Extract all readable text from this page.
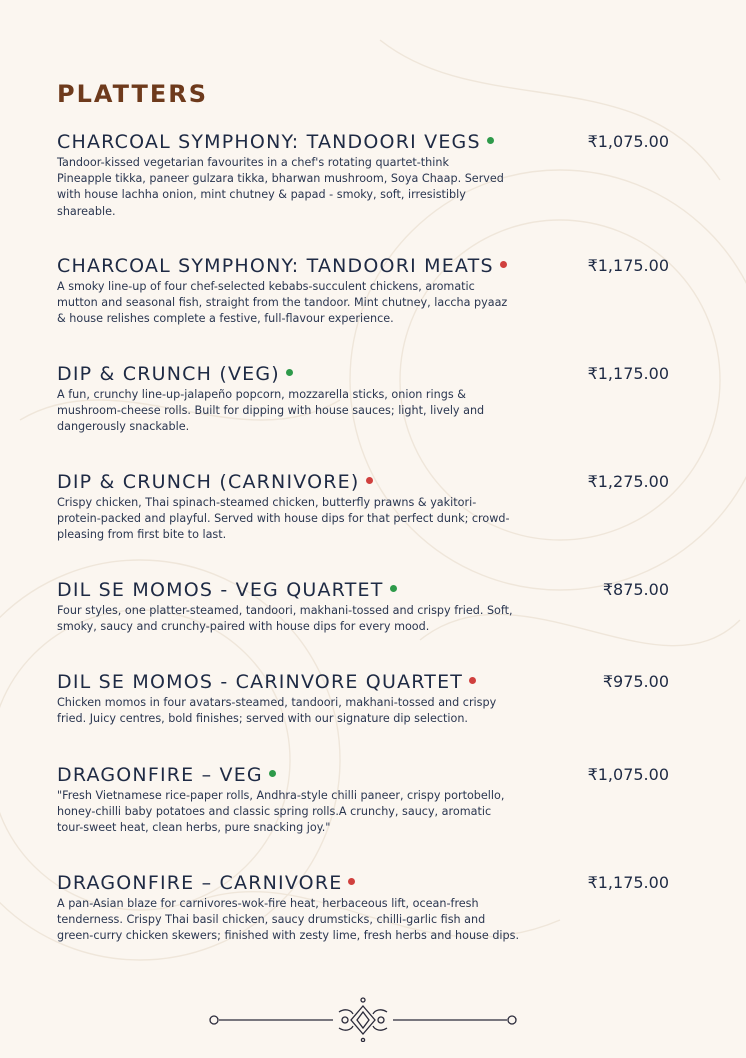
PLATTERS
CHARCOAL SYMPHONY: TANDOORI VEGS	₹1,075.00
Tandoor-kissed vegetarian favourites in a chef's rotating quartet-think
Pineapple tikka, paneer gulzara tikka, bharwan mushroom, Soya Chaap. Served
with house lachha onion, mint chutney & papad - smoky, soft, irresistibly
shareable.
CHARCOAL SYMPHONY: TANDOORI MEATS	₹1,175.00
A smoky line-up of four chef-selected kebabs-succulent chickens, aromatic
mutton and seasonal fish, straight from the tandoor. Mint chutney, laccha pyaaz
& house relishes complete a festive, full-flavour experience.
DIP & CRUNCH (VEG)	₹1,175.00
A fun, crunchy line-up-jalapeño popcorn, mozzarella sticks, onion rings &
mushroom-cheese rolls. Built for dipping with house sauces; light, lively and
dangerously snackable.
DIP & CRUNCH (CARNIVORE)	₹1,275.00
Crispy chicken, Thai spinach-steamed chicken, butterfly prawns & yakitori-
protein-packed and playful. Served with house dips for that perfect dunk; crowd-
pleasing from first bite to last.
DIL SE MOMOS - VEG QUARTET	₹875.00
Four styles, one platter-steamed, tandoori, makhani-tossed and crispy fried. Soft,
smoky, saucy and crunchy-paired with house dips for every mood.
DIL SE MOMOS - CARINVORE QUARTET	₹975.00
Chicken momos in four avatars-steamed, tandoori, makhani-tossed and crispy
fried. Juicy centres, bold finishes; served with our signature dip selection.
DRAGONFIRE – VEG	₹1,075.00
"Fresh Vietnamese rice-paper rolls, Andhra-style chilli paneer, crispy portobello,
honey-chilli baby potatoes and classic spring rolls.A crunchy, saucy, aromatic
tour-sweet heat, clean herbs, pure snacking joy."
DRAGONFIRE – CARNIVORE	₹1,175.00
A pan-Asian blaze for carnivores-wok-fire heat, herbaceous lift, ocean-fresh
tenderness. Crispy Thai basil chicken, saucy drumsticks, chilli-garlic fish and
green-curry chicken skewers; finished with zesty lime, fresh herbs and house dips.
